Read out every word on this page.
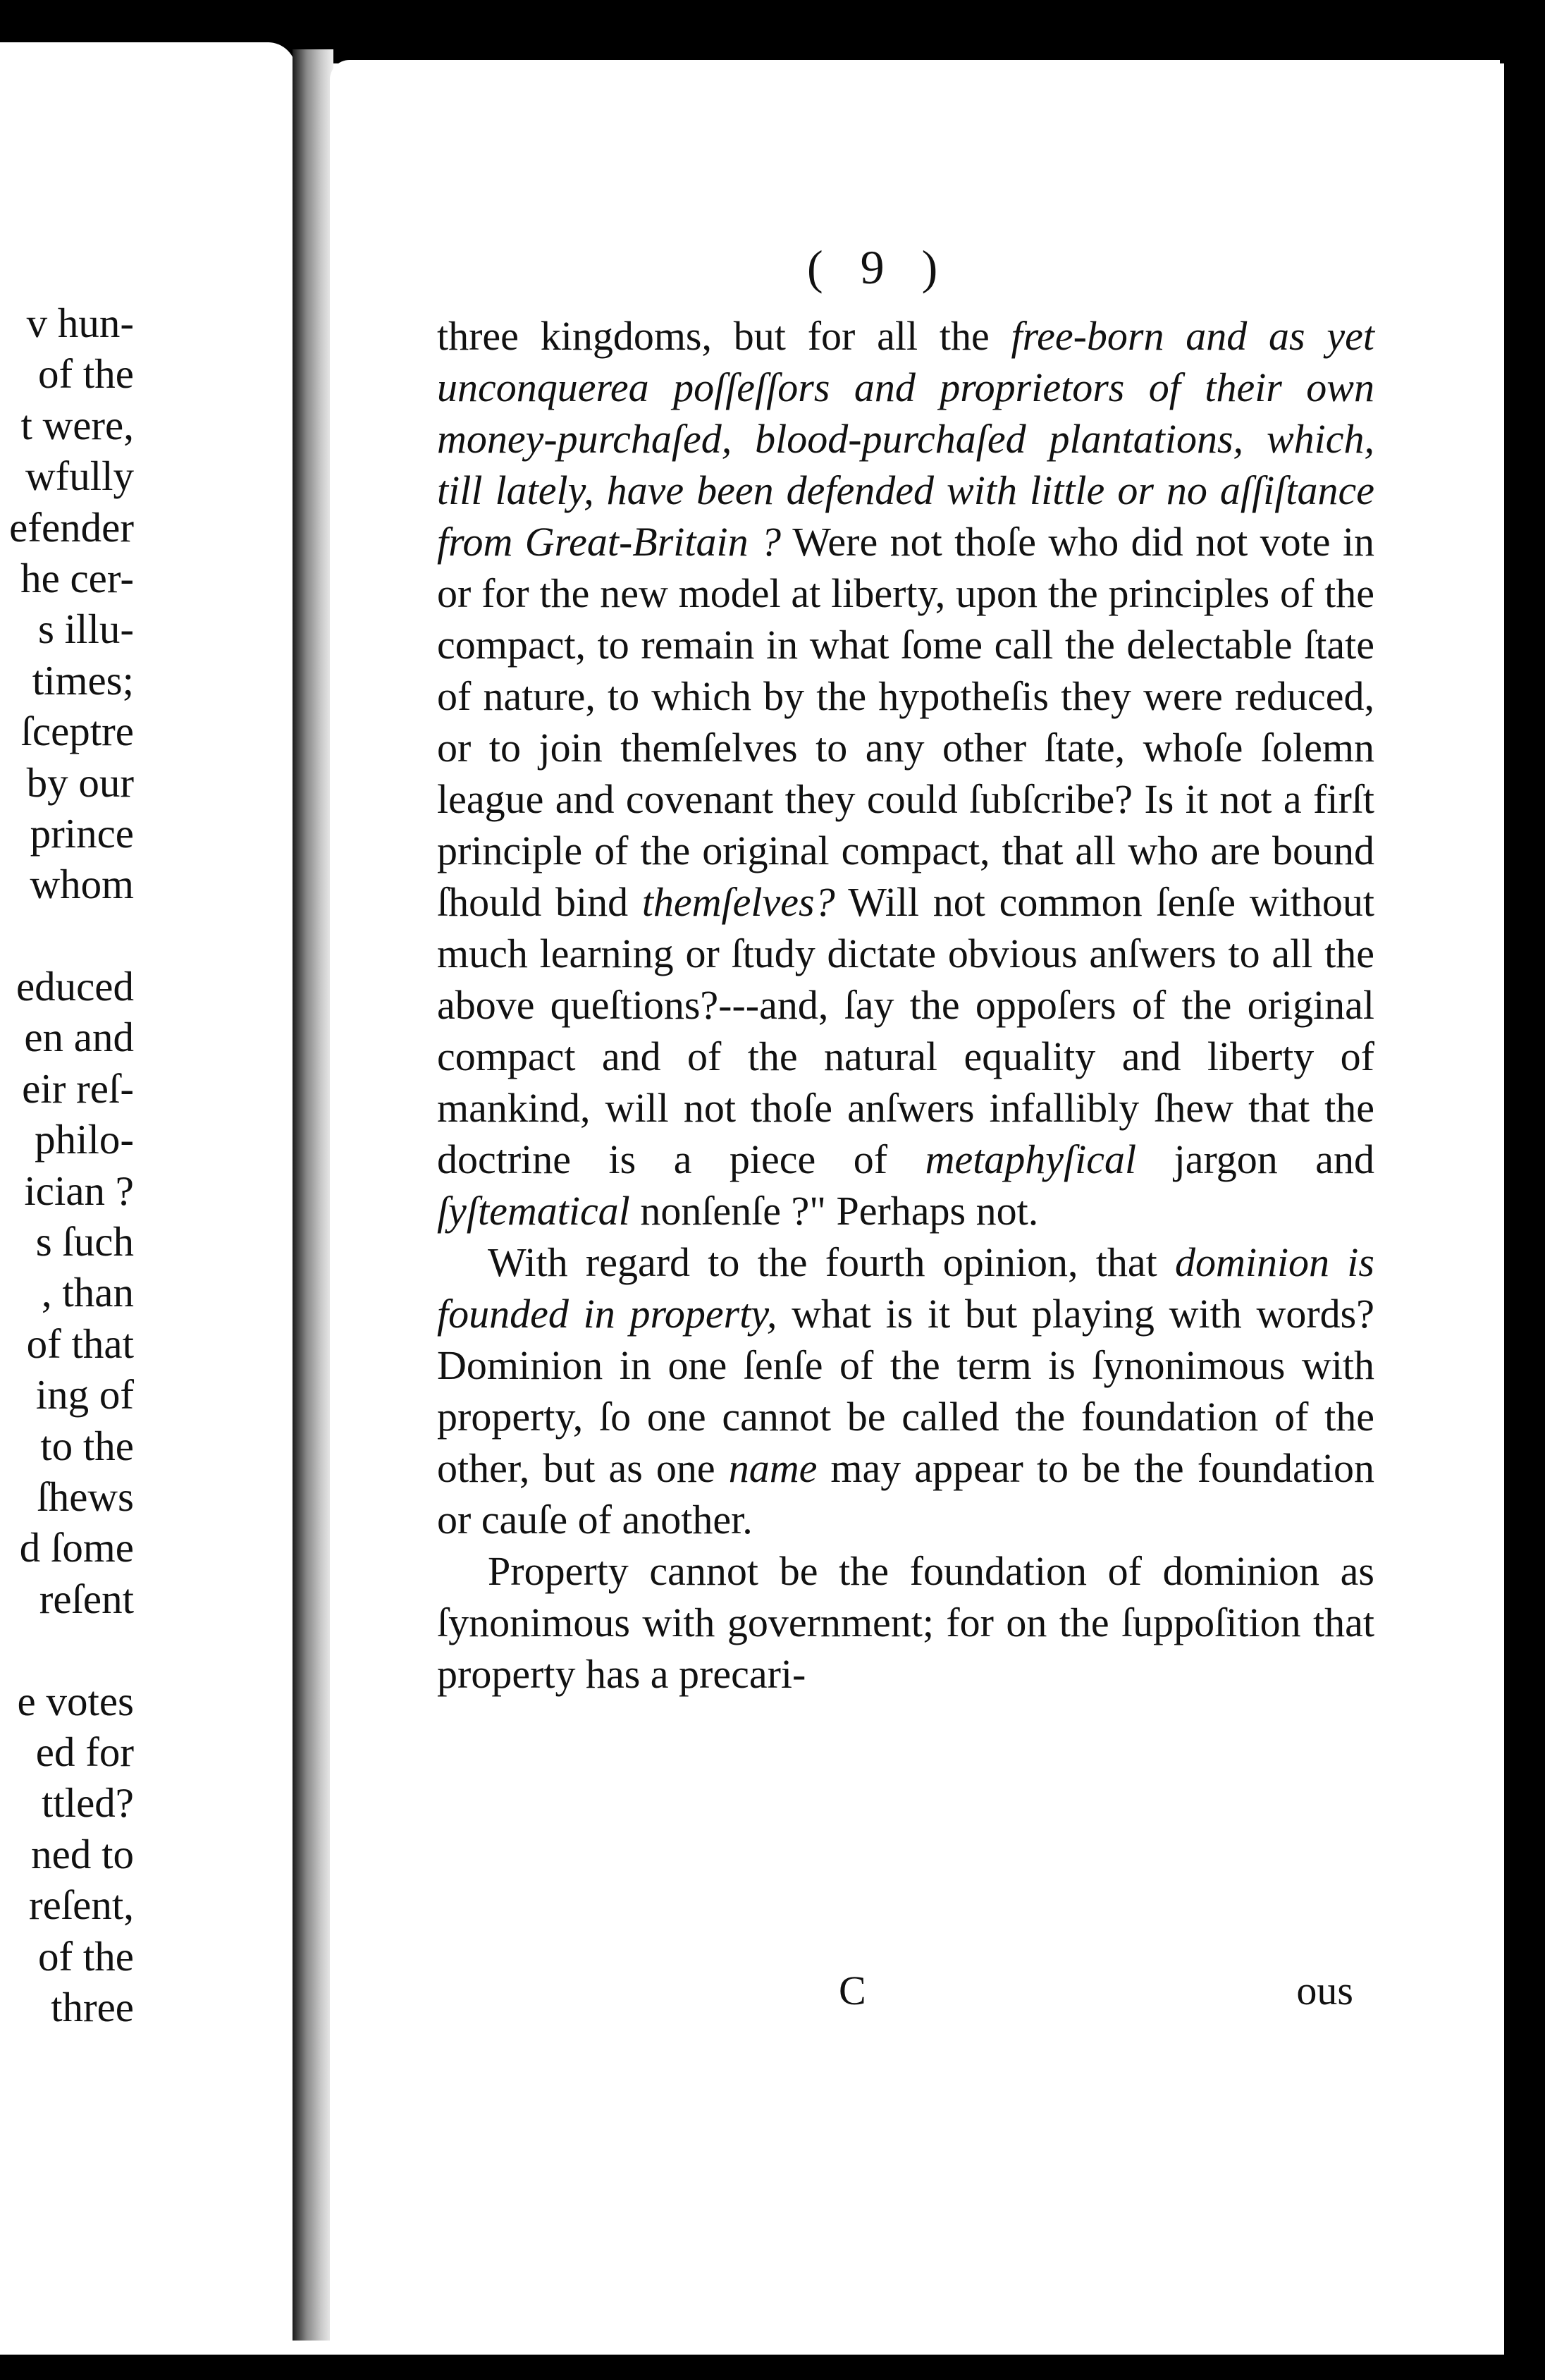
v hun-
of the
t were,
wfully
efender
he cer-
s illu-
times;
ſceptre
by our
prince
whom
educed
en and
eir reſ-
philo-
ician ?
s ſuch
, than
of that
ing of
to the
ſhews
d ſome
reſent
e votes
ed for
ttled?
ned to
reſent,
of the
three
( 9 )

three kingdoms, but for all the free-born and as yet unconquerea poſſeſſors and proprietors of their own money-purchaſed, blood-purchaſed plantations, which, till lately, have been defended with little or no aſſiſtance from Great-Britain ? Were not thoſe who did not vote in or for the new model at liberty, upon the principles of the compact, to remain in what ſome call the delectable ſtate of nature, to which by the hypotheſis they were reduced, or to join themſelves to any other ſtate, whoſe ſolemn league and covenant they could ſubſcribe? Is it not a firſt principle of the original compact, that all who are bound ſhould bind themſelves? Will not common ſenſe without much learning or ſtudy dictate obvious anſwers to all the above queſtions?---and, ſay the oppoſers of the original compact and of the natural equality and liberty of mankind, will not thoſe anſwers infallibly ſhew that the doctrine is a piece of metaphyſical jargon and ſyſtematical nonſenſe ?" Perhaps not.

With regard to the fourth opinion, that dominion is founded in property, what is it but playing with words? Dominion in one ſenſe of the term is ſynonimous with property, ſo one cannot be called the foundation of the other, but as one name may appear to be the foundation or cauſe of another.

Property cannot be the foundation of dominion as ſynonimous with government; for on the ſuppoſition that property has a precari-

C	ous
